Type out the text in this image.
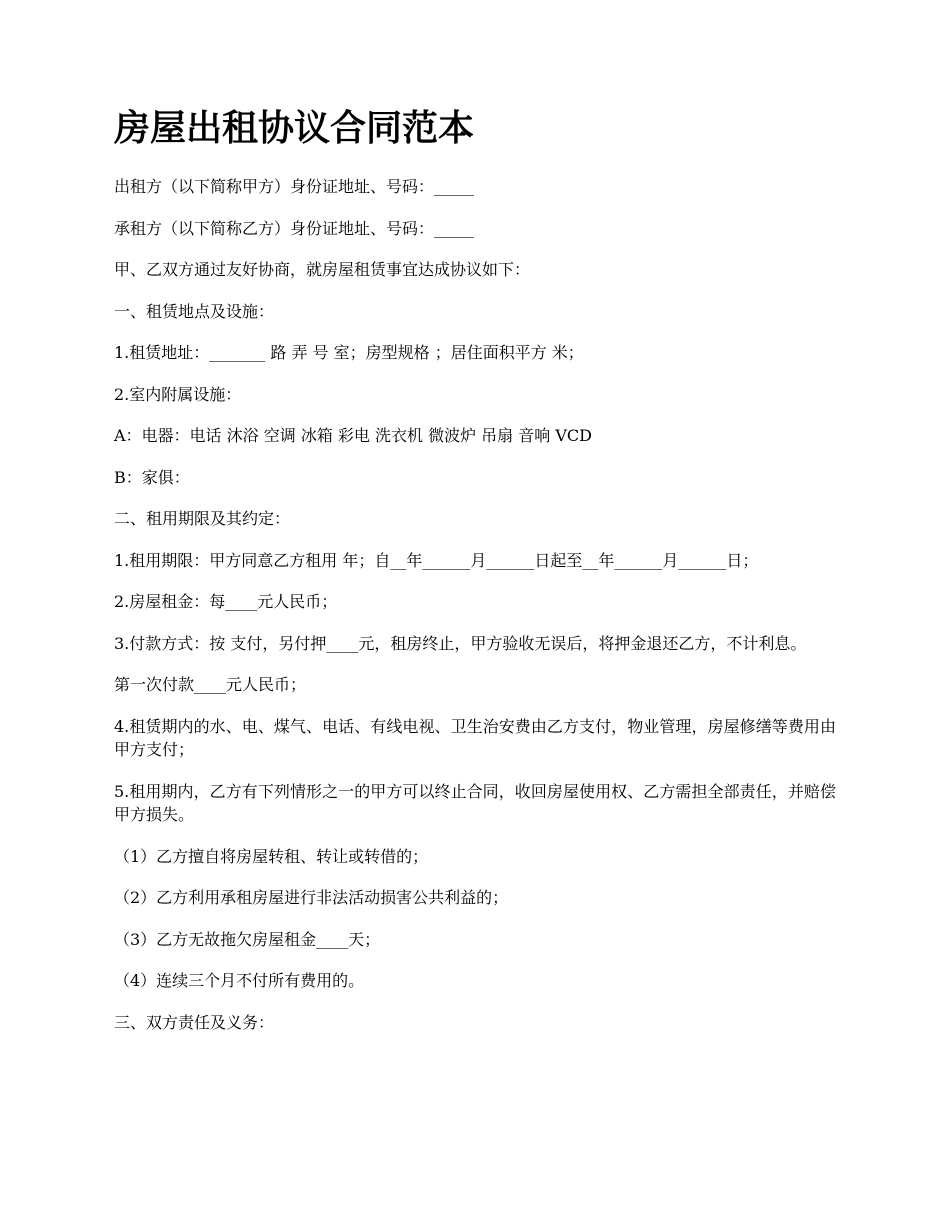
房屋出租协议合同范本

出租方（以下简称甲方）身份证地址、号码：_____

承租方（以下简称乙方）身份证地址、号码：_____

甲、乙双方通过友好协商，就房屋租赁事宜达成协议如下：

一、租赁地点及设施：

1.租赁地址：_______ 路 弄 号 室；房型规格 ；居住面积平方 米；

2.室内附属设施：

A：电器：电话 沐浴 空调 冰箱 彩电 洗衣机 微波炉 吊扇 音响 VCD

B：家俱：

二、租用期限及其约定：

1.租用期限：甲方同意乙方租用 年；自__年______月______日起至__年______月______日；

2.房屋租金：每____元人民币；

3.付款方式：按 支付，另付押____元，租房终止，甲方验收无误后，将押金退还乙方，不计利息。

第一次付款____元人民币；

4.租赁期内的水、电、煤气、电话、有线电视、卫生治安费由乙方支付，物业管理，房屋修缮等费用由甲方支付；

5.租用期内，乙方有下列情形之一的甲方可以终止合同，收回房屋使用权、乙方需担全部责任，并赔偿甲方损失。

（1）乙方擅自将房屋转租、转让或转借的；

（2）乙方利用承租房屋进行非法活动损害公共利益的；

（3）乙方无故拖欠房屋租金____天；

（4）连续三个月不付所有费用的。

三、双方责任及义务：
